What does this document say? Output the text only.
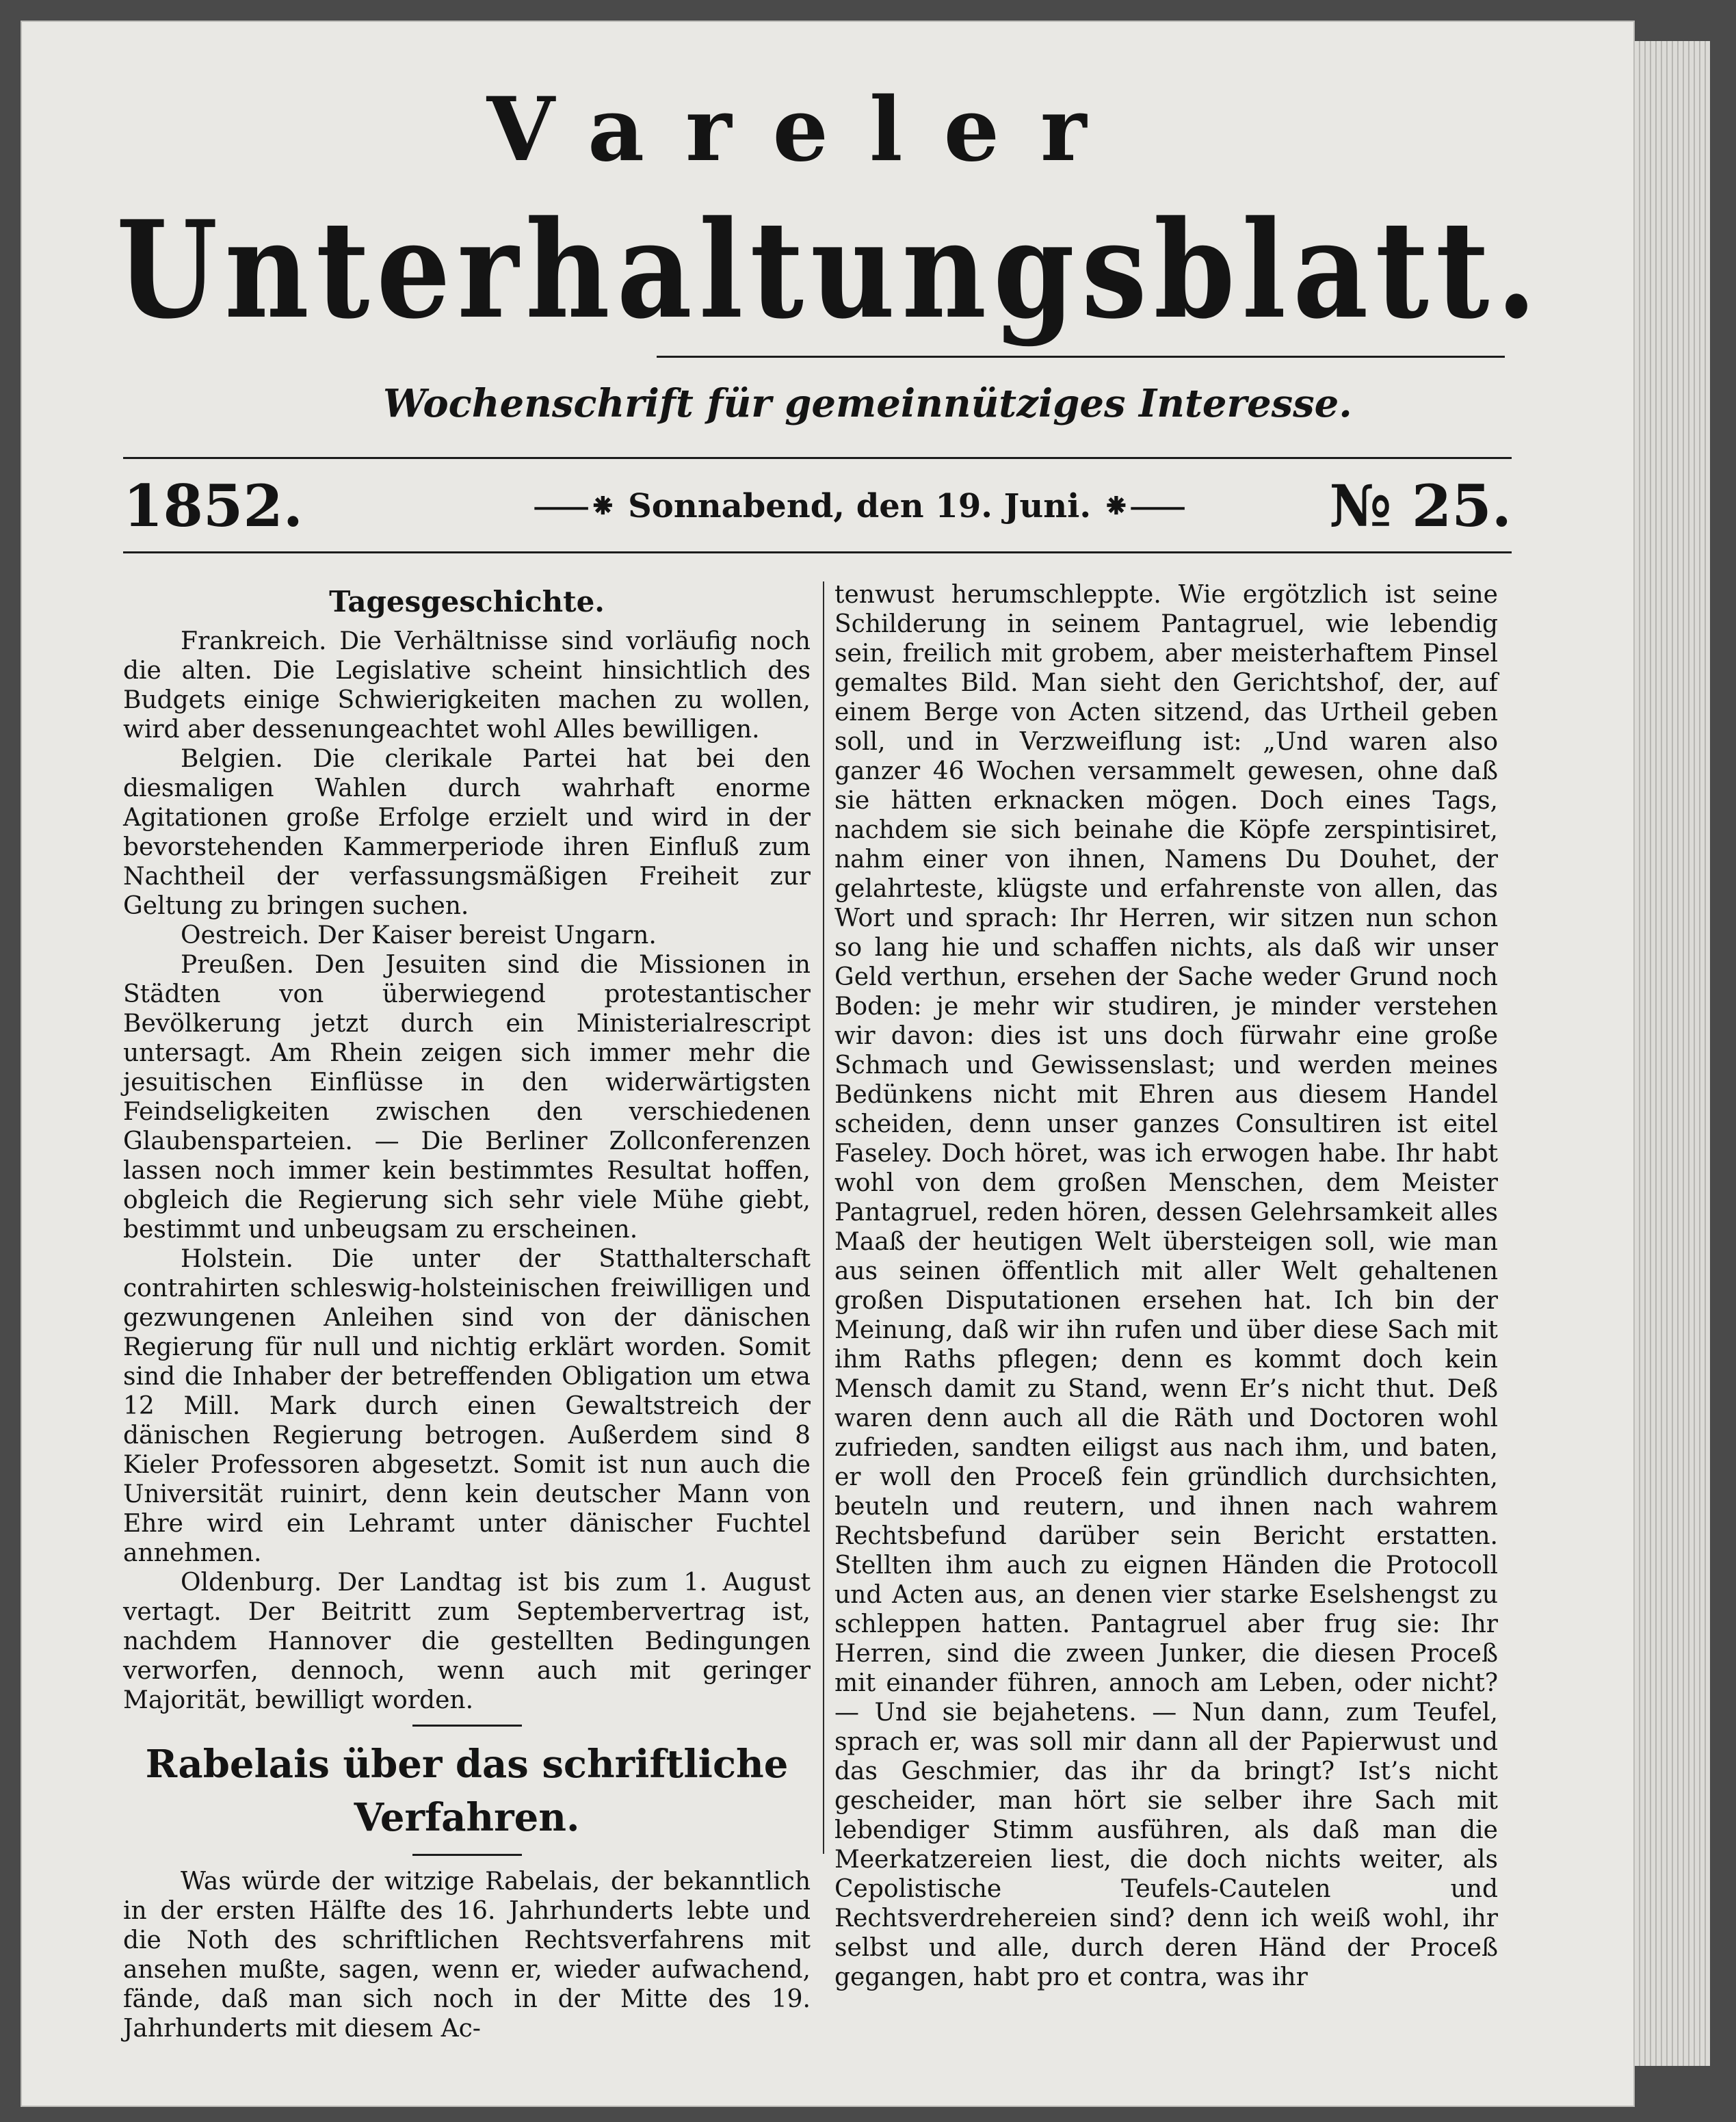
Vareler
Unterhaltungsblatt.
Wochenschrift für gemeinnütziges Interesse.
1852.	⸺⁕ Sonnabend, den 19. Juni. ⁕⸺	№ 25.
Tagesgeschichte.

Frankreich. Die Verhältnisse sind vorläufig noch die alten. Die Legislative scheint hinsichtlich des Budgets einige Schwierigkeiten machen zu wollen, wird aber dessenungeachtet wohl Alles bewilligen.

Belgien. Die clerikale Partei hat bei den diesmaligen Wahlen durch wahrhaft enorme Agitationen große Erfolge erzielt und wird in der bevorstehenden Kammerperiode ihren Einfluß zum Nachtheil der verfassungsmäßigen Freiheit zur Geltung zu bringen suchen.

Oestreich. Der Kaiser bereist Ungarn.

Preußen. Den Jesuiten sind die Missionen in Städten von überwiegend protestantischer Bevölkerung jetzt durch ein Ministerialrescript untersagt. Am Rhein zeigen sich immer mehr die jesuitischen Einflüsse in den widerwärtigsten Feindseligkeiten zwischen den verschiedenen Glaubensparteien. — Die Berliner Zollconferenzen lassen noch immer kein bestimmtes Resultat hoffen, obgleich die Regierung sich sehr viele Mühe giebt, bestimmt und unbeugsam zu erscheinen.

Holstein. Die unter der Statthalterschaft contrahirten schleswig-holsteinischen freiwilligen und gezwungenen Anleihen sind von der dänischen Regierung für null und nichtig erklärt worden. Somit sind die Inhaber der betreffenden Obligation um etwa 12 Mill. Mark durch einen Gewaltstreich der dänischen Regierung betrogen. Außerdem sind 8 Kieler Professoren abgesetzt. Somit ist nun auch die Universität ruinirt, denn kein deutscher Mann von Ehre wird ein Lehramt unter dänischer Fuchtel annehmen.

Oldenburg. Der Landtag ist bis zum 1. August vertagt. Der Beitritt zum Septembervertrag ist, nachdem Hannover die gestellten Bedingungen verworfen, dennoch, wenn auch mit geringer Majorität, bewilligt worden.

Rabelais über das schriftliche Verfahren.

Was würde der witzige Rabelais, der bekanntlich in der ersten Hälfte des 16. Jahrhunderts lebte und die Noth des schriftlichen Rechtsverfahrens mit ansehen mußte, sagen, wenn er, wieder aufwachend, fände, daß man sich noch in der Mitte des 19. Jahrhunderts mit diesem Ac-

tenwust herumschleppte. Wie ergötzlich ist seine Schilderung in seinem Pantagruel, wie lebendig sein, freilich mit grobem, aber meisterhaftem Pinsel gemaltes Bild. Man sieht den Gerichtshof, der, auf einem Berge von Acten sitzend, das Urtheil geben soll, und in Verzweiflung ist: „Und waren also ganzer 46 Wochen versammelt gewesen, ohne daß sie hätten erknacken mögen. Doch eines Tags, nachdem sie sich beinahe die Köpfe zerspintisiret, nahm einer von ihnen, Namens Du Douhet, der gelahrteste, klügste und erfahrenste von allen, das Wort und sprach: Ihr Herren, wir sitzen nun schon so lang hie und schaffen nichts, als daß wir unser Geld verthun, ersehen der Sache weder Grund noch Boden: je mehr wir studiren, je minder verstehen wir davon: dies ist uns doch fürwahr eine große Schmach und Gewissenslast; und werden meines Bedünkens nicht mit Ehren aus diesem Handel scheiden, denn unser ganzes Consultiren ist eitel Faseley. Doch höret, was ich erwogen habe. Ihr habt wohl von dem großen Menschen, dem Meister Pantagruel, reden hören, dessen Gelehrsamkeit alles Maaß der heutigen Welt übersteigen soll, wie man aus seinen öffentlich mit aller Welt gehaltenen großen Disputationen ersehen hat. Ich bin der Meinung, daß wir ihn rufen und über diese Sach mit ihm Raths pflegen; denn es kommt doch kein Mensch damit zu Stand, wenn Er’s nicht thut. Deß waren denn auch all die Räth und Doctoren wohl zufrieden, sandten eiligst aus nach ihm, und baten, er woll den Proceß fein gründlich durchsichten, beuteln und reutern, und ihnen nach wahrem Rechtsbefund darüber sein Bericht erstatten. Stellten ihm auch zu eignen Händen die Protocoll und Acten aus, an denen vier starke Eselshengst zu schleppen hatten. Pantagruel aber frug sie: Ihr Herren, sind die zween Junker, die diesen Proceß mit einander führen, annoch am Leben, oder nicht? — Und sie bejahetens. — Nun dann, zum Teufel, sprach er, was soll mir dann all der Papierwust und das Geschmier, das ihr da bringt? Ist’s nicht gescheider, man hört sie selber ihre Sach mit lebendiger Stimm ausführen, als daß man die Meerkatzereien liest, die doch nichts weiter, als Cepolistische Teufels-Cautelen und Rechtsverdrehereien sind? denn ich weiß wohl, ihr selbst und alle, durch deren Händ der Proceß gegangen, habt pro et contra, was ihr
